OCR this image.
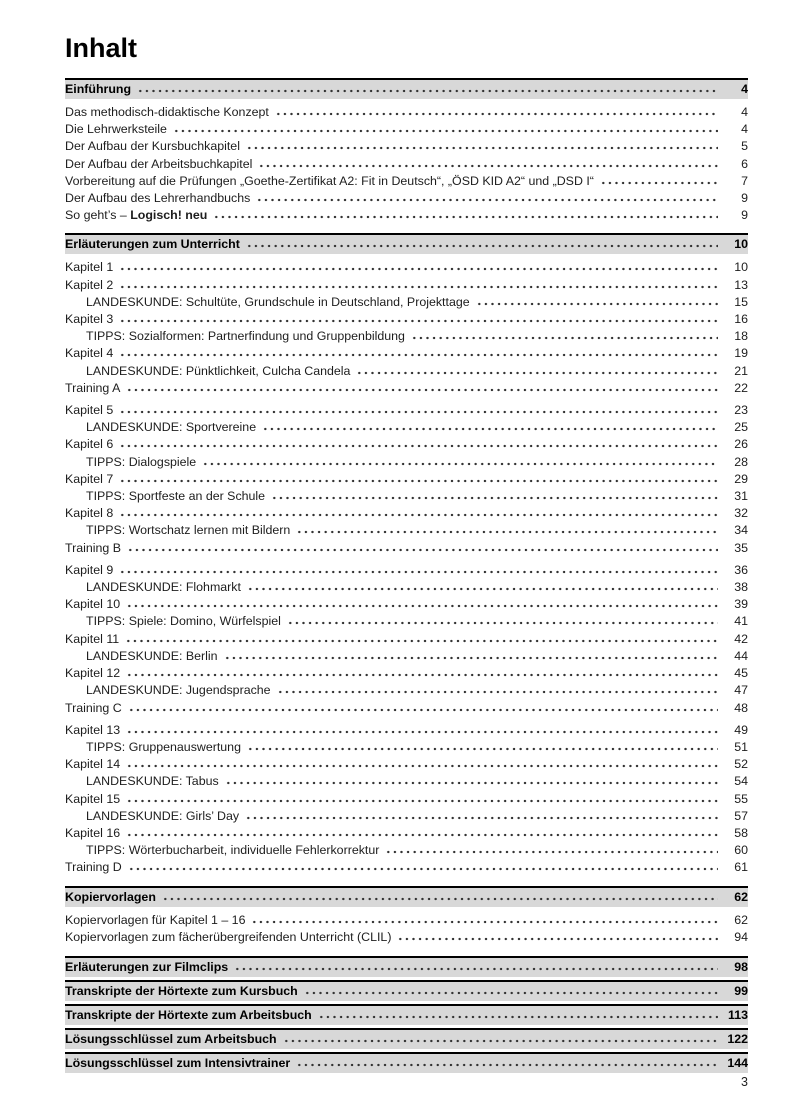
Inhalt
Einführung	4
Das methodisch-didaktische Konzept	4
Die Lehrwerksteile	4
Der Aufbau der Kursbuchkapitel	5
Der Aufbau der Arbeitsbuchkapitel	6
Vorbereitung auf die Prüfungen „Goethe-Zertifikat A2: Fit in Deutsch“, „ÖSD KID A2“ und „DSD I“	7
Der Aufbau des Lehrerhandbuchs	9
So geht’s – Logisch! neu	9
Erläuterungen zum Unterricht	10
Kapitel 1	10
Kapitel 2	13
LANDESKUNDE: Schultüte, Grundschule in Deutschland, Projekttage	15
Kapitel 3	16
TIPPS: Sozialformen: Partnerfindung und Gruppenbildung	18
Kapitel 4	19
LANDESKUNDE: Pünktlichkeit, Culcha Candela	21
Training A	22
Kapitel 5	23
LANDESKUNDE: Sportvereine	25
Kapitel 6	26
TIPPS: Dialogspiele	28
Kapitel 7	29
TIPPS: Sportfeste an der Schule	31
Kapitel 8	32
TIPPS: Wortschatz lernen mit Bildern	34
Training B	35
Kapitel 9	36
LANDESKUNDE: Flohmarkt	38
Kapitel 10	39
TIPPS: Spiele: Domino, Würfelspiel	41
Kapitel 11	42
LANDESKUNDE: Berlin	44
Kapitel 12	45
LANDESKUNDE: Jugendsprache	47
Training C	48
Kapitel 13	49
TIPPS: Gruppenauswertung	51
Kapitel 14	52
LANDESKUNDE: Tabus	54
Kapitel 15	55
LANDESKUNDE: Girls’ Day	57
Kapitel 16	58
TIPPS: Wörterbucharbeit, individuelle Fehlerkorrektur	60
Training D	61
Kopiervorlagen	62
Kopiervorlagen für Kapitel 1 – 16	62
Kopiervorlagen zum fächerübergreifenden Unterricht (CLIL)	94
Erläuterungen zur Filmclips	98
Transkripte der Hörtexte zum Kursbuch	99
Transkripte der Hörtexte zum Arbeitsbuch	113
Lösungsschlüssel zum Arbeitsbuch	122
Lösungsschlüssel zum Intensivtrainer	144
3
